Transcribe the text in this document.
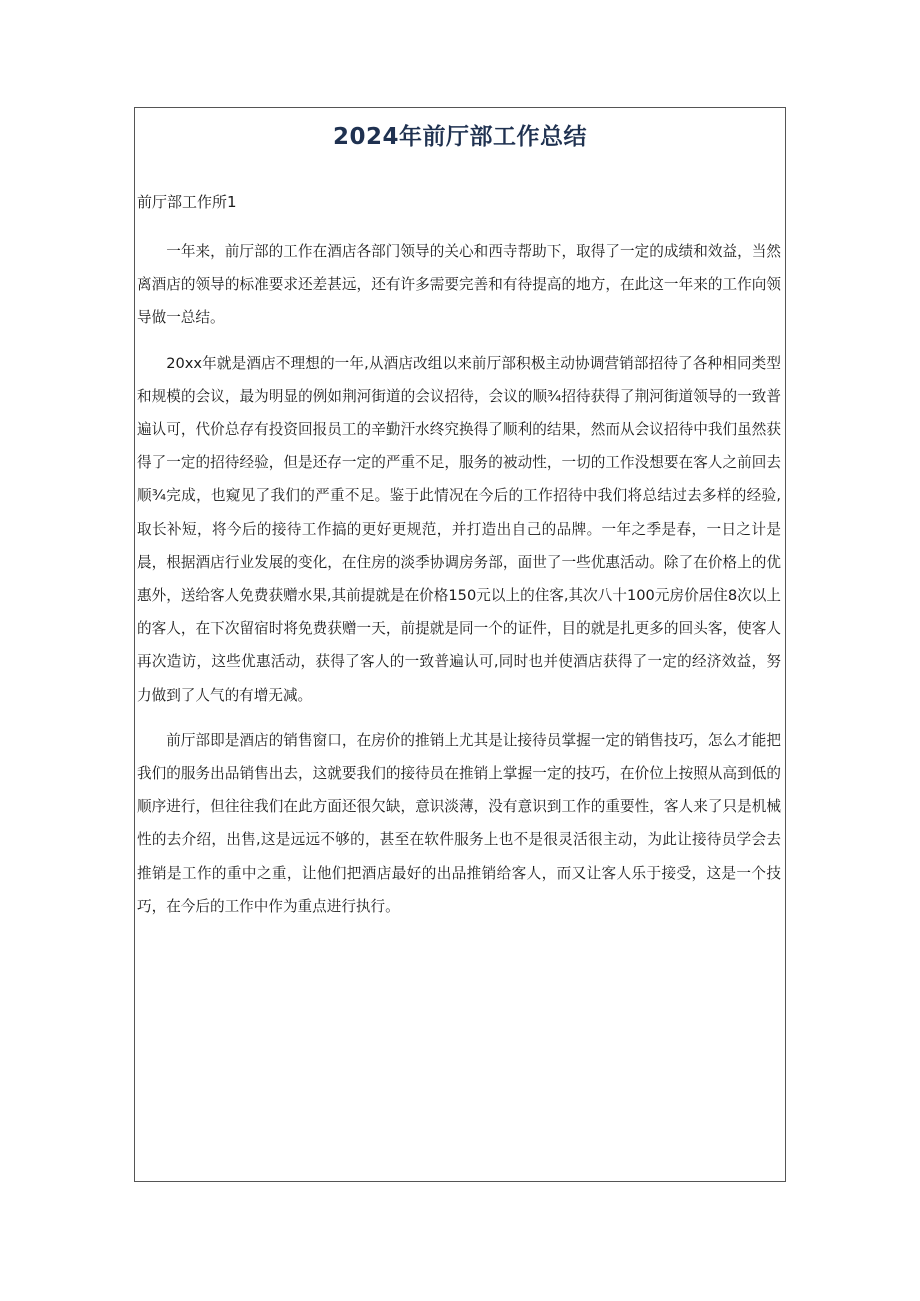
2024年前厅部工作总结
前厅部工作所1

一年来，前厅部的工作在酒店各部门领导的关心和西寺帮助下，取得了一定的成绩和效益，当然离酒店的领导的标准要求还差甚远，还有许多需要完善和有待提高的地方，在此这一年来的工作向领导做一总结。

20xx年就是酒店不理想的一年,从酒店改组以来前厅部积极主动协调营销部招待了各种相同类型和规模的会议，最为明显的例如荆河街道的会议招待，会议的顺¾招待获得了荆河街道领导的一致普遍认可，代价总存有投资回报员工的辛勤汗水终究换得了顺利的结果，然而从会议招待中我们虽然获得了一定的招待经验，但是还存一定的严重不足，服务的被动性，一切的工作没想要在客人之前回去顺¾完成，也窥见了我们的严重不足。鉴于此情况在今后的工作招待中我们将总结过去多样的经验,取长补短，将今后的接待工作搞的更好更规范，并打造出自己的品牌。一年之季是春，一日之计是晨，根据酒店行业发展的变化，在住房的淡季协调房务部，面世了一些优惠活动。除了在价格上的优惠外，送给客人免费获赠水果,其前提就是在价格150元以上的住客,其次八十100元房价居住8次以上的客人，在下次留宿时将免费获赠一天，前提就是同一个的证件，目的就是扎更多的回头客，使客人再次造访，这些优惠活动，获得了客人的一致普遍认可,同时也并使酒店获得了一定的经济效益，努力做到了人气的有增无减。

前厅部即是酒店的销售窗口，在房价的推销上尤其是让接待员掌握一定的销售技巧，怎么才能把我们的服务出品销售出去，这就要我们的接待员在推销上掌握一定的技巧，在价位上按照从高到低的顺序进行，但往往我们在此方面还很欠缺，意识淡薄，没有意识到工作的重要性，客人来了只是机械性的去介绍，出售,这是远远不够的，甚至在软件服务上也不是很灵活很主动，为此让接待员学会去推销是工作的重中之重，让他们把酒店最好的出品推销给客人，而又让客人乐于接受，这是一个技巧，在今后的工作中作为重点进行执行。
